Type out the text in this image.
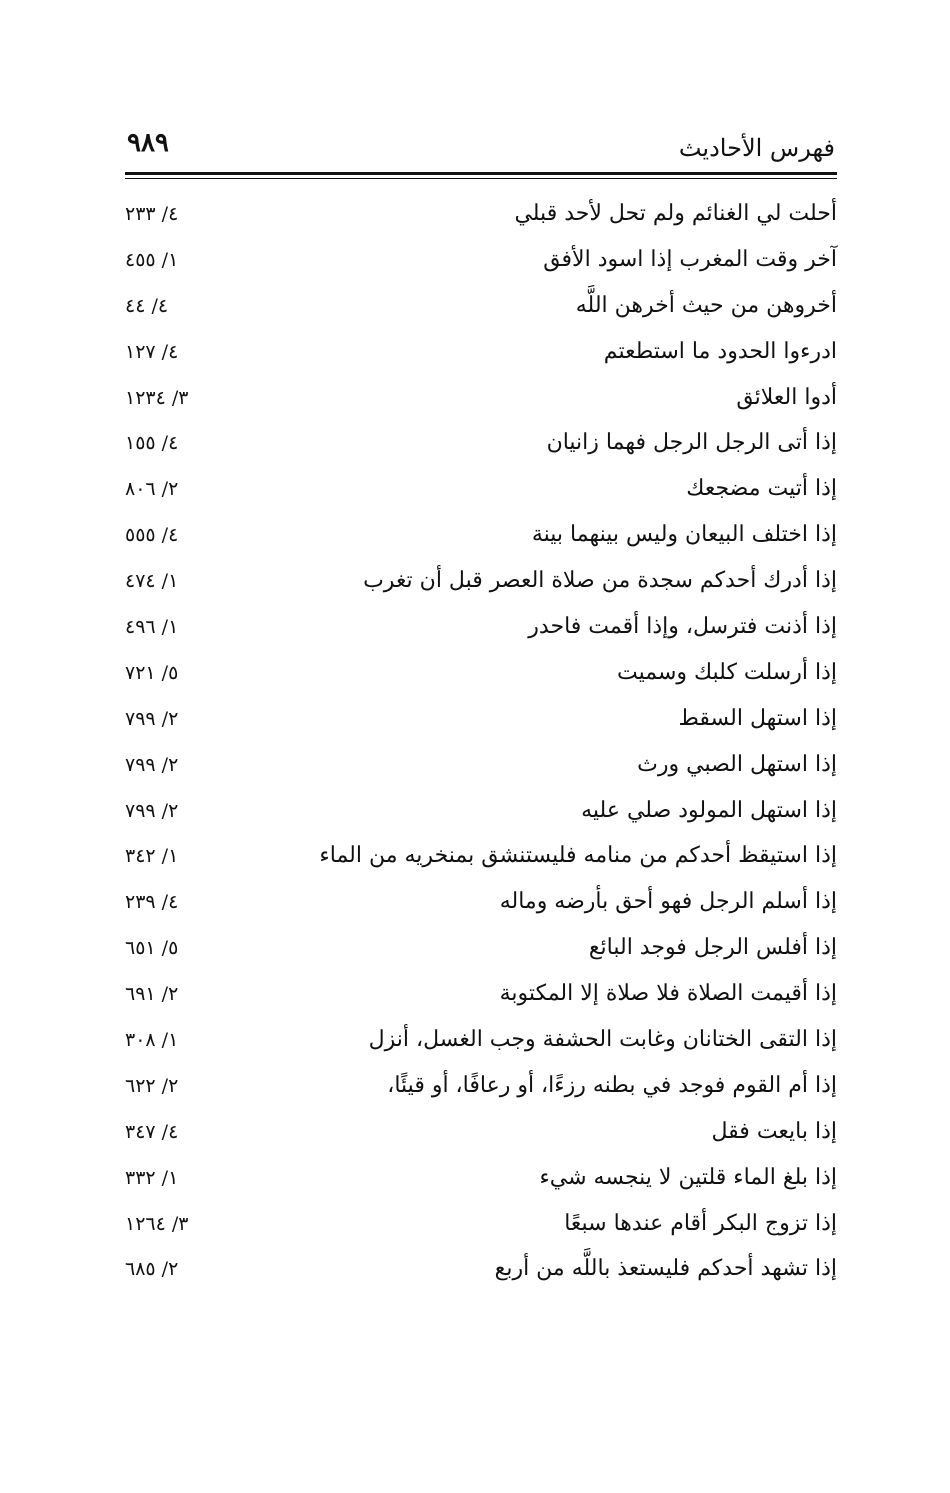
فهرس الأحاديث
٩٨٩
أحلت لي الغنائم ولم تحل لأحد قبلي
٤/ ٢٣٣
آخر وقت المغرب إذا اسود الأفق
١/ ٤٥٥
أخروهن من حيث أخرهن اللَّه
٤/ ٤٤
ادرءوا الحدود ما استطعتم
٤/ ١٢٧
أدوا العلائق
٣/ ١٢٣٤
إذا أتى الرجل الرجل فهما زانيان
٤/ ١٥٥
إذا أتيت مضجعك
٢/ ٨٠٦
إذا اختلف البيعان وليس بينهما بينة
٤/ ٥٥٥
إذا أدرك أحدكم سجدة من صلاة العصر قبل أن تغرب
١/ ٤٧٤
إذا أذنت فترسل، وإذا أقمت فاحدر
١/ ٤٩٦
إذا أرسلت كلبك وسميت
٥/ ٧٢١
إذا استهل السقط
٢/ ٧٩٩
إذا استهل الصبي ورث
٢/ ٧٩٩
إذا استهل المولود صلي عليه
٢/ ٧٩٩
إذا استيقظ أحدكم من منامه فليستنشق بمنخريه من الماء
١/ ٣٤٢
إذا أسلم الرجل فهو أحق بأرضه وماله
٤/ ٢٣٩
إذا أفلس الرجل فوجد البائع
٥/ ٦٥١
إذا أقيمت الصلاة فلا صلاة إلا المكتوبة
٢/ ٦٩١
إذا التقى الختانان وغابت الحشفة وجب الغسل، أنزل
١/ ٣٠٨
إذا أم القوم فوجد في بطنه رزءًا، أو رعافًا، أو قيئًا،
٢/ ٦٢٢
إذا بايعت فقل
٤/ ٣٤٧
إذا بلغ الماء قلتين لا ينجسه شيء
١/ ٣٣٢
إذا تزوج البكر أقام عندها سبعًا
٣/ ١٢٦٤
إذا تشهد أحدكم فليستعذ باللَّه من أربع
٢/ ٦٨٥
